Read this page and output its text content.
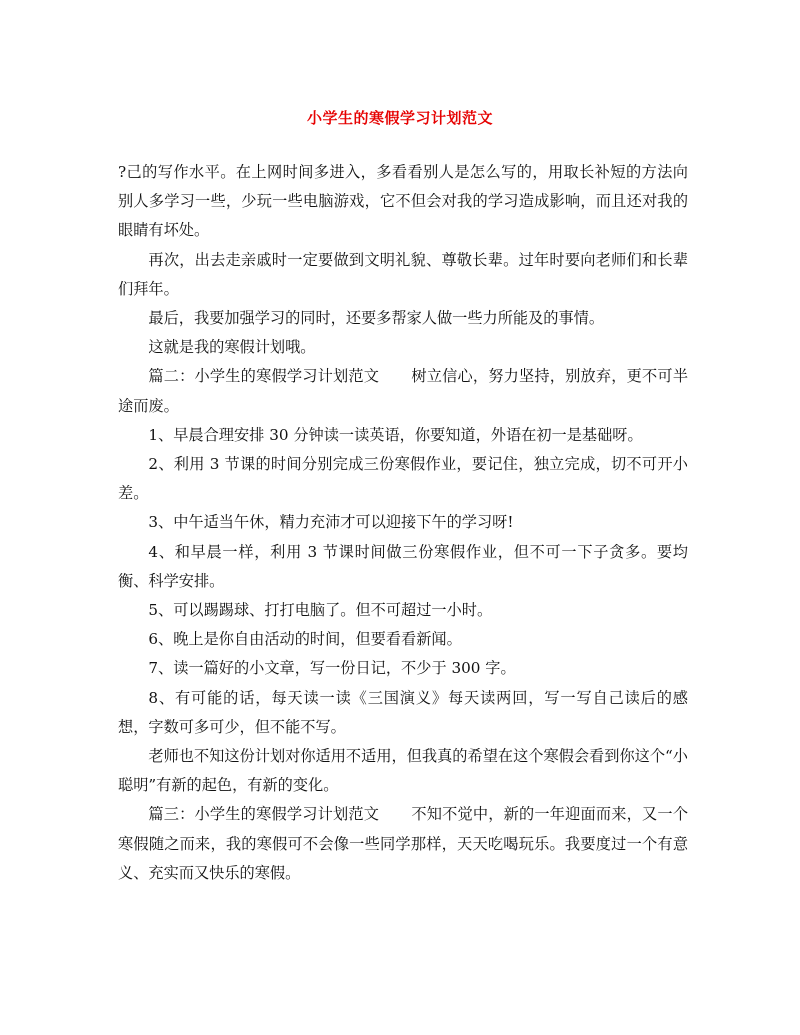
小学生的寒假学习计划范文

?己的写作水平。在上网时间多进入，多看看别人是怎么写的，用取长补短的方法向别人多学习一些，少玩一些电脑游戏，它不但会对我的学习造成影响，而且还对我的眼睛有坏处。

再次，出去走亲戚时一定要做到文明礼貌、尊敬长辈。过年时要向老师们和长辈们拜年。

最后，我要加强学习的同时，还要多帮家人做一些力所能及的事情。

这就是我的寒假计划哦。

篇二：小学生的寒假学习计划范文 树立信心，努力坚持，别放弃，更不可半途而废。

1、早晨合理安排 30 分钟读一读英语，你要知道，外语在初一是基础呀。

2、利用 3 节课的时间分别完成三份寒假作业，要记住，独立完成，切不可开小差。

3、中午适当午休，精力充沛才可以迎接下午的学习呀!

4、和早晨一样，利用 3 节课时间做三份寒假作业，但不可一下子贪多。要均衡、科学安排。

5、可以踢踢球、打打电脑了。但不可超过一小时。

6、晚上是你自由活动的时间，但要看看新闻。

7、读一篇好的小文章，写一份日记，不少于 300 字。

8、有可能的话，每天读一读《三国演义》每天读两回，写一写自己读后的感想，字数可多可少，但不能不写。

老师也不知这份计划对你适用不适用，但我真的希望在这个寒假会看到你这个“小聪明”有新的起色，有新的变化。

篇三：小学生的寒假学习计划范文 不知不觉中，新的一年迎面而来，又一个寒假随之而来，我的寒假可不会像一些同学那样，天天吃喝玩乐。我要度过一个有意义、充实而又快乐的寒假。
